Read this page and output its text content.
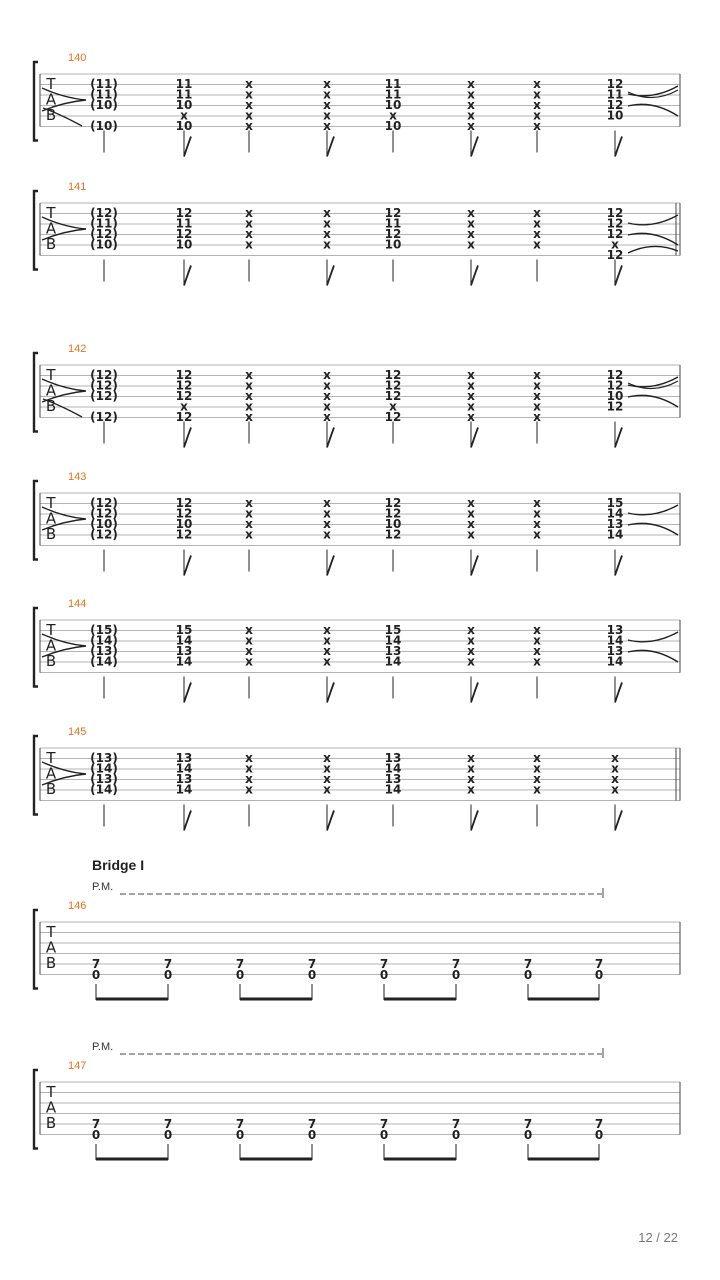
140
T
A
B
(11)
(11)
(10)
(10)
11
11
10
x
10
x
x
x
x
x
x
x
x
x
x
11
11
10
x
10
x
x
x
x
x
x
x
x
x
x
12
11
12
10
141
T
A
B
(12)
(11)
(12)
(10)
12
11
12
10
x
x
x
x
x
x
x
x
12
11
12
10
x
x
x
x
x
x
x
x
12
12
12
x
12
142
T
A
B
(12)
(12)
(12)
(12)
12
12
12
x
12
x
x
x
x
x
x
x
x
x
x
12
12
12
x
12
x
x
x
x
x
x
x
x
x
x
12
12
10
12
143
T
A
B
(12)
(12)
(10)
(12)
12
12
10
12
x
x
x
x
x
x
x
x
12
12
10
12
x
x
x
x
x
x
x
x
15
14
13
14
144
T
A
B
(15)
(14)
(13)
(14)
15
14
13
14
x
x
x
x
x
x
x
x
15
14
13
14
x
x
x
x
x
x
x
x
13
14
13
14
145
T
A
B
(13)
(14)
(13)
(14)
13
14
13
14
x
x
x
x
x
x
x
x
13
14
13
14
x
x
x
x
x
x
x
x
x
x
x
x
Bridge I
P.M.
146
T
A
B	7
0
7
0
7
0
7
0
7
0
7
0
7
0
7
0
P.M.
147
T
A
B	7
0
7
0
7
0
7
0
7
0
7
0
7
0
7
0
12 / 22
